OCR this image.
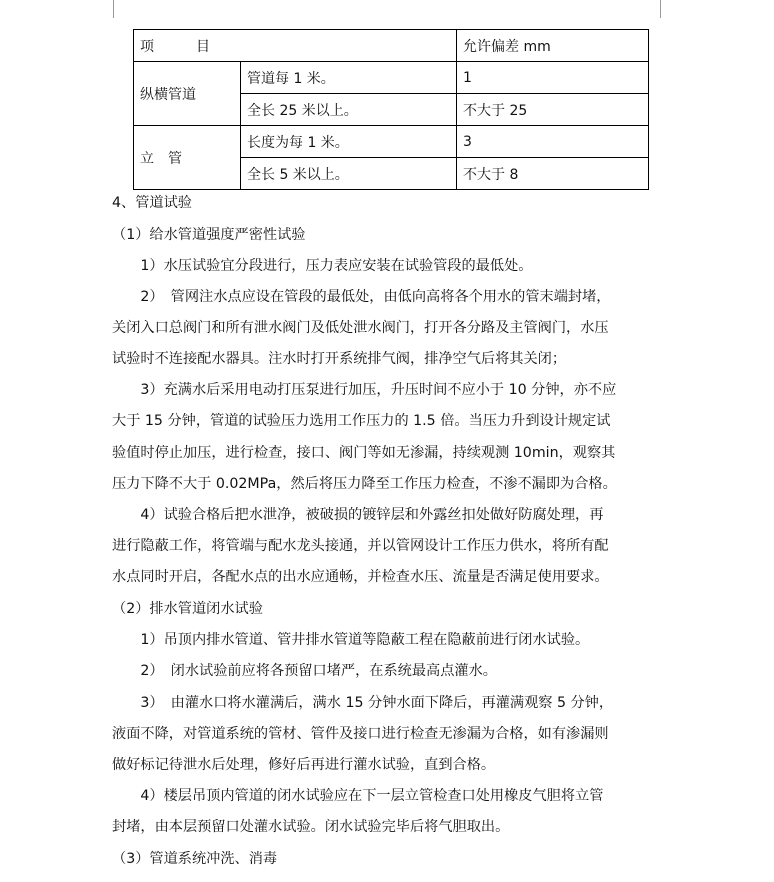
项　　　目		允许偏差 mm
纵横管道	管道每 1 米。	1
	全长 25 米以上。	不大于 25
立　管	长度为每 1 米。	3
	全长 5 米以上。	不大于 8
4、管道试验
（1）给水管道强度严密性试验
　　1）水压试验宜分段进行，压力表应安装在试验管段的最低处。
　　2）　管网注水点应设在管段的最低处，由低向高将各个用水的管末端封堵，
关闭入口总阀门和所有泄水阀门及低处泄水阀门，打开各分路及主管阀门，水压
试验时不连接配水器具。注水时打开系统排气阀，排净空气后将其关闭；
　　3）充满水后采用电动打压泵进行加压，升压时间不应小于 10 分钟，亦不应
大于 15 分钟，管道的试验压力选用工作压力的 1.5 倍。当压力升到设计规定试
验值时停止加压，进行检查，接口、阀门等如无渗漏，持续观测 10min，观察其
压力下降不大于 0.02MPa，然后将压力降至工作压力检查，不渗不漏即为合格。
　　4）试验合格后把水泄净，被破损的镀锌层和外露丝扣处做好防腐处理，再
进行隐蔽工作，将管端与配水龙头接通，并以管网设计工作压力供水，将所有配
水点同时开启，各配水点的出水应通畅，并检查水压、流量是否满足使用要求。
（2）排水管道闭水试验
　　1）吊顶内排水管道、管井排水管道等隐蔽工程在隐蔽前进行闭水试验。
　　2）　闭水试验前应将各预留口堵严，在系统最高点灌水。
　　3）　由灌水口将水灌满后，满水 15 分钟水面下降后，再灌满观察 5 分钟，
液面不降，对管道系统的管材、管件及接口进行检查无渗漏为合格，如有渗漏则
做好标记待泄水后处理，修好后再进行灌水试验，直到合格。
　　4）楼层吊顶内管道的闭水试验应在下一层立管检查口处用橡皮气胆将立管
封堵，由本层预留口处灌水试验。闭水试验完毕后将气胆取出。
（3）管道系统冲洗、消毒
